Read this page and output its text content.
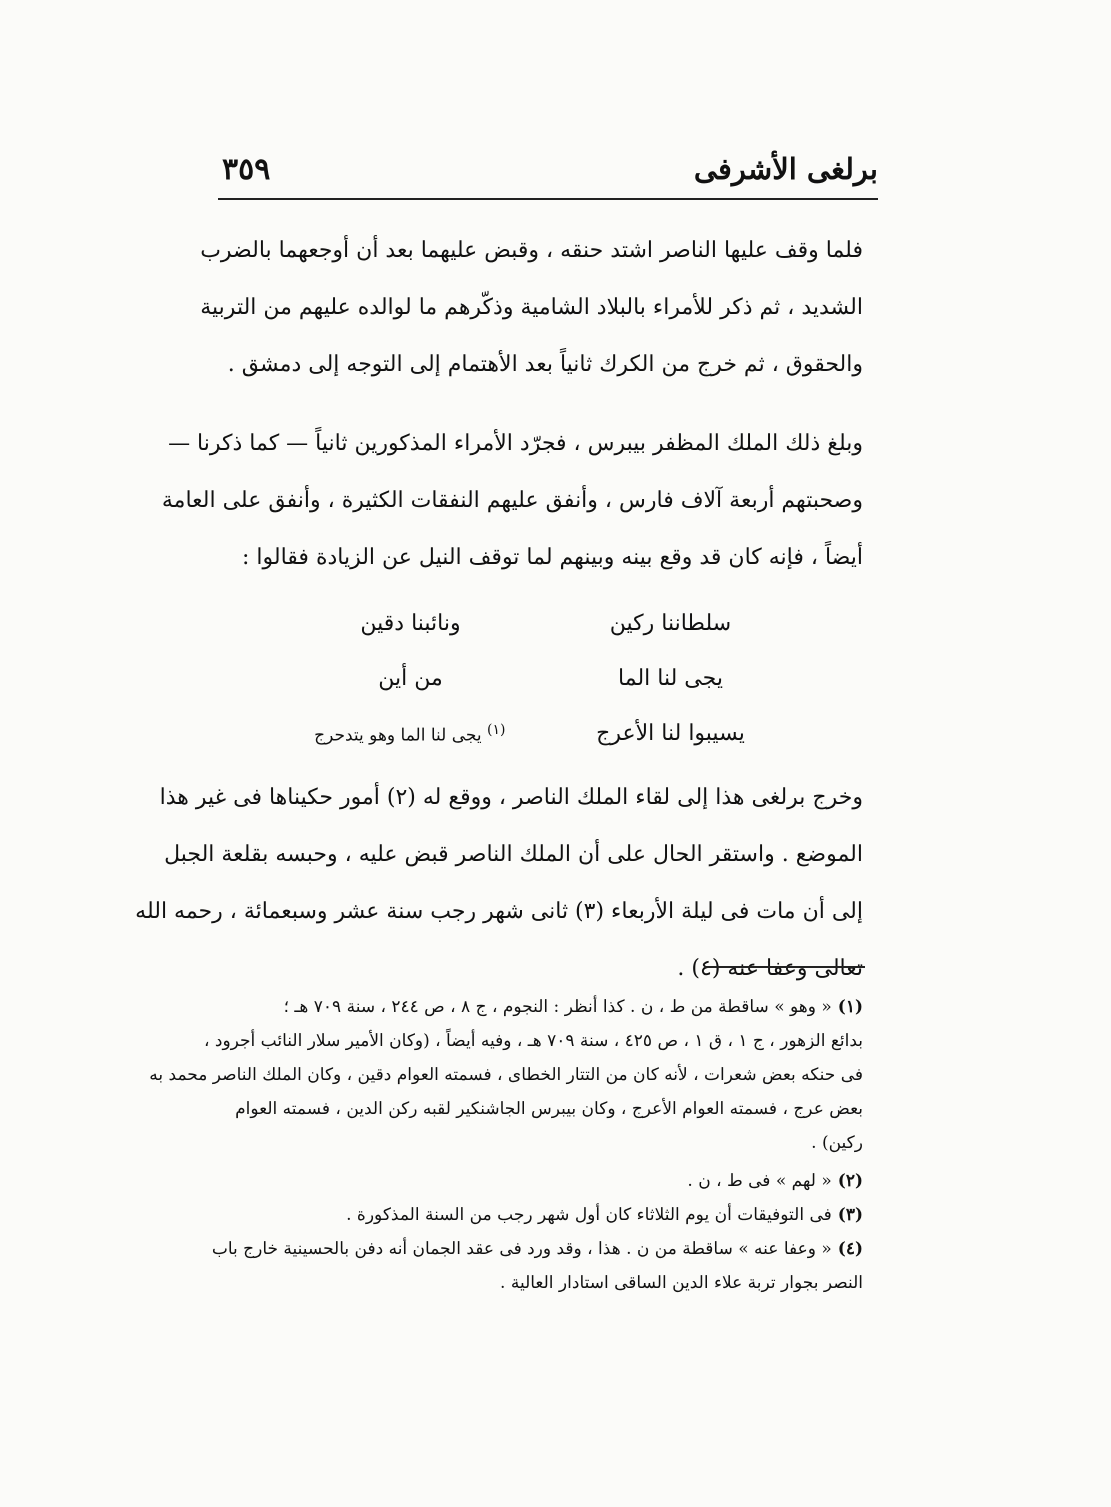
برلغى الأشرفى
٣٥٩
فلما وقف عليها الناصر اشتد حنقه ، وقبض عليهما بعد أن أوجعهما بالضرب
الشديد ، ثم ذكر للأمراء بالبلاد الشامية وذكّرهم ما لوالده عليهم من التربية
والحقوق ، ثم خرج من الكرك ثانياً بعد الأهتمام إلى التوجه إلى دمشق .
وبلغ ذلك الملك المظفر بيبرس ، فجرّد الأمراء المذكورين ثانياً — كما ذكرنا —
وصحبتهم أربعة آلاف فارس ، وأنفق عليهم النفقات الكثيرة ، وأنفق على العامة
أيضاً ، فإنه كان قد وقع بينه وبينهم لما توقف النيل عن الزيادة فقالوا :
سلطاننا ركين
ونائبنا دقين
يجى لنا الما
من أين
يسيبوا لنا الأعرج
$^{(١)}$ يجى لنا الما وهو يتدحرج
وخرج برلغى هذا إلى لقاء الملك الناصر ، ووقع له (٢) أمور حكيناها فى غير هذا
الموضع . واستقر الحال على أن الملك الناصر قبض عليه ، وحبسه بقلعة الجبل
إلى أن مات فى ليلة الأربعاء (٣) ثانى شهر رجب سنة عشر وسبعمائة ، رحمه الله
تعالى وعفا عنه (٤) .
(١)« وهو » ساقطة من ط ، ن . كذا أنظر : النجوم ، ج ٨ ، ص ٢٤٤ ، سنة ٧٠٩ هـ ؛
بدائع الزهور ، ج ١ ، ق ١ ، ص ٤٢٥ ، سنة ٧٠٩ هـ ، وفيه أيضاً ، (وكان الأمير سلار النائب أجرود ،
فى حنكه بعض شعرات ، لأنه كان من التتار الخطاى ، فسمته العوام دقين ، وكان الملك الناصر محمد به
بعض عرج ، فسمته العوام الأعرج ، وكان بيبرس الجاشنكير لقبه ركن الدين ، فسمته العوام
ركين) .
(٢)« لهم » فى ط ، ن .
(٣)فى التوفيقات أن يوم الثلاثاء كان أول شهر رجب من السنة المذكورة .
(٤)« وعفا عنه » ساقطة من ن . هذا ، وقد ورد فى عقد الجمان أنه دفن بالحسينية خارج باب
النصر بجوار تربة علاء الدين الساقى استادار العالية .
